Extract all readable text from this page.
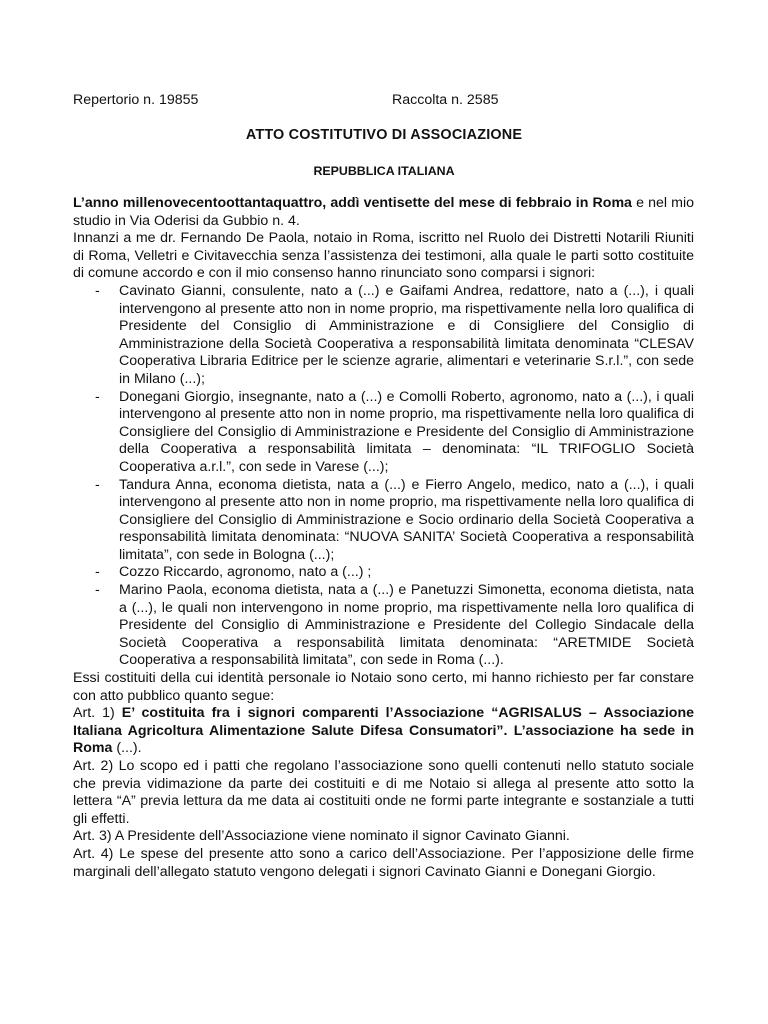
Repertorio n. 19855	Raccolta n. 2585
ATTO COSTITUTIVO DI ASSOCIAZIONE
REPUBBLICA ITALIANA

L’anno millenovecentoottantaquattro, addì ventisette del mese di febbraio in Roma e nel mio studio in Via Oderisi da Gubbio n. 4.

Innanzi a me dr. Fernando De Paola, notaio in Roma, iscritto nel Ruolo dei Distretti Notarili Riuniti di Roma, Velletri e Civitavecchia senza l’assistenza dei testimoni, alla quale le parti sotto costituite di comune accordo e con il mio consenso hanno rinunciato sono comparsi i signori:

- Cavinato Gianni, consulente, nato a (...) e Gaifami Andrea, redattore, nato a (...), i quali intervengono al presente atto non in nome proprio, ma rispettivamente nella loro qualifica di Presidente del Consiglio di Amministrazione e di Consigliere del Consiglio di Amministrazione della Società Cooperativa a responsabilità limitata denominata “CLESAV Cooperativa Libraria Editrice per le scienze agrarie, alimentari e veterinarie S.r.l.”, con sede in Milano (...);
- Donegani Giorgio, insegnante, nato a (...) e Comolli Roberto, agronomo, nato a (...), i quali intervengono al presente atto non in nome proprio, ma rispettivamente nella loro qualifica di Consigliere del Consiglio di Amministrazione e Presidente del Consiglio di Amministrazione della Cooperativa a responsabilità limitata – denominata: “IL TRIFOGLIO Società Cooperativa a.r.l.”, con sede in Varese (...);
- Tandura Anna, economa dietista, nata a (...) e Fierro Angelo, medico, nato a (...), i quali intervengono al presente atto non in nome proprio, ma rispettivamente nella loro qualifica di Consigliere del Consiglio di Amministrazione e Socio ordinario della Società Cooperativa a responsabilità limitata denominata: “NUOVA SANITA’ Società Cooperativa a responsabilità limitata”, con sede in Bologna (...);
- Cozzo Riccardo, agronomo, nato a (...) ;
- Marino Paola, economa dietista, nata a (...) e Panetuzzi Simonetta, economa dietista, nata a (...), le quali non intervengono in nome proprio, ma rispettivamente nella loro qualifica di Presidente del Consiglio di Amministrazione e Presidente del Collegio Sindacale della Società Cooperativa a responsabilità limitata denominata: “ARETMIDE Società Cooperativa a responsabilità limitata”, con sede in Roma (...).

Essi costituiti della cui identità personale io Notaio sono certo, mi hanno richiesto per far constare con atto pubblico quanto segue:

Art. 1) E’ costituita fra i signori comparenti l’Associazione “AGRISALUS – Associazione Italiana Agricoltura Alimentazione Salute Difesa Consumatori”. L’associazione ha sede in Roma (...).

Art. 2) Lo scopo ed i patti che regolano l’associazione sono quelli contenuti nello statuto sociale che previa vidimazione da parte dei costituiti e di me Notaio si allega al presente atto sotto la lettera “A” previa lettura da me data ai costituiti onde ne formi parte integrante e sostanziale a tutti gli effetti.

Art. 3) A Presidente dell’Associazione viene nominato il signor Cavinato Gianni.

Art. 4) Le spese del presente atto sono a carico dell’Associazione. Per l’apposizione delle firme marginali dell’allegato statuto vengono delegati i signori Cavinato Gianni e Donegani Giorgio.
